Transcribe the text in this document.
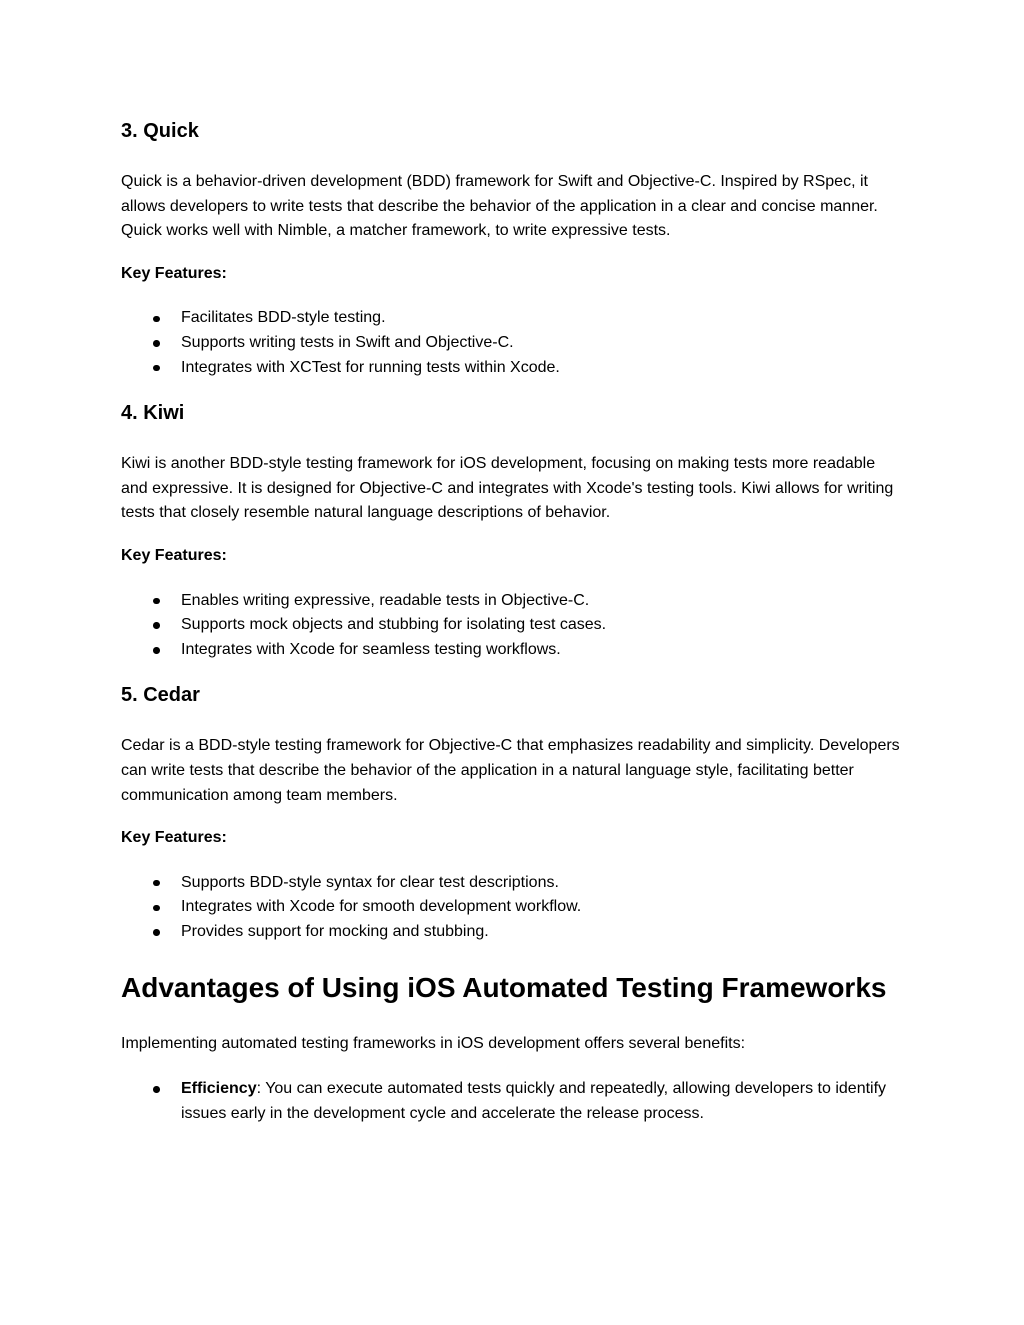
3. Quick

Quick is a behavior-driven development (BDD) framework for Swift and Objective-C. Inspired by RSpec, it allows developers to write tests that describe the behavior of the application in a clear and concise manner. Quick works well with Nimble, a matcher framework, to write expressive tests.

Key Features:

Facilitates BDD-style testing.
Supports writing tests in Swift and Objective-C.
Integrates with XCTest for running tests within Xcode.
4. Kiwi

Kiwi is another BDD-style testing framework for iOS development, focusing on making tests more readable and expressive. It is designed for Objective-C and integrates with Xcode's testing tools. Kiwi allows for writing tests that closely resemble natural language descriptions of behavior.

Key Features:

Enables writing expressive, readable tests in Objective-C.
Supports mock objects and stubbing for isolating test cases.
Integrates with Xcode for seamless testing workflows.
5. Cedar

Cedar is a BDD-style testing framework for Objective-C that emphasizes readability and simplicity. Developers can write tests that describe the behavior of the application in a natural language style, facilitating better communication among team members.

Key Features:

Supports BDD-style syntax for clear test descriptions.
Integrates with Xcode for smooth development workflow.
Provides support for mocking and stubbing.
Advantages of Using iOS Automated Testing Frameworks

Implementing automated testing frameworks in iOS development offers several benefits:

Efficiency: You can execute automated tests quickly and repeatedly, allowing developers to identify issues early in the development cycle and accelerate the release process.
